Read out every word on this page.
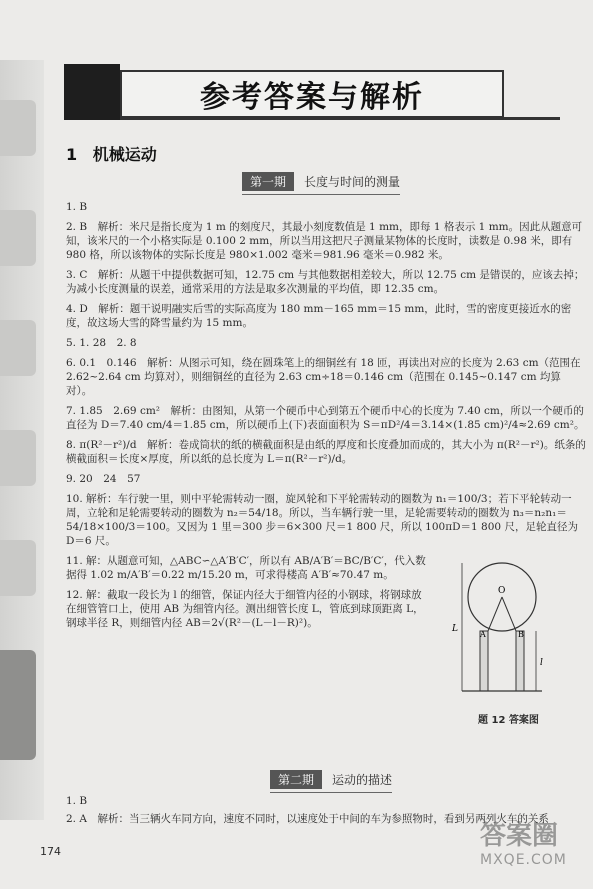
参考答案与解析
1 机械运动
第一期	长度与时间的测量

1. B

2. B　解析：米尺是指长度为 1 m 的刻度尺，其最小刻度数值是 1 mm，即每 1 格表示 1 mm。因此从题意可知，该米尺的一个小格实际是 0.100 2 mm，所以当用这把尺子测量某物体的长度时，读数是 0.98 米，即有 980 格，所以该物体的实际长度是 980×1.002 毫米＝981.96 毫米＝0.982 米。

3. C　解析：从题干中提供数据可知，12.75 cm 与其他数据相差较大，所以 12.75 cm 是错误的，应该去掉；为减小长度测量的误差，通常采用的方法是取多次测量的平均值，即 12.35 cm。

4. D　解析：题干说明融实后雪的实际高度为 180 mm－165 mm＝15 mm，此时，雪的密度更接近水的密度，故这场大雪的降雪量约为 15 mm。

5. 1. 28　2. 8

6. 0.1　0.146　解析：从图示可知，绕在圆珠笔上的细铜丝有 18 匝，再读出对应的长度为 2.63 cm（范围在 2.62~2.64 cm 均算对），则细铜丝的直径为 2.63 cm÷18＝0.146 cm（范围在 0.145~0.147 cm 均算对）。

7. 1.85　2.69 cm²　解析：由图知，从第一个硬币中心到第五个硬币中心的长度为 7.40 cm，所以一个硬币的直径为 D＝7.40 cm/4＝1.85 cm，所以硬币上(下)表面面积为 S＝πD²/4＝3.14×(1.85 cm)²/4≈2.69 cm²。

8. π(R²－r²)/d　解析：卷成筒状的纸的横截面积是由纸的厚度和长度叠加而成的，其大小为 π(R²－r²)。纸条的横截面积＝长度×厚度，所以纸的总长度为 L＝π(R²－r²)/d。

9. 20　24　57

10. 解析：车行驶一里，则中平轮需转动一圈，旋风轮和下平轮需转动的圈数为 n₁＝100/3；若下平轮转动一周，立轮和足轮需要转动的圈数为 n₂＝54/18。所以，当车辆行驶一里，足轮需要转动的圈数为 n₃＝n₂n₁＝54/18×100/3＝100。又因为 1 里＝300 步＝6×300 尺＝1 800 尺，所以 100πD＝1 800 尺，足轮直径为 D＝6 尺。

11. 解：从题意可知，△ABC∽△A′B′C′，所以有 AB/A′B′＝BC/B′C′，代入数据得 1.02 m/A′B′＝0.22 m/15.20 m，可求得楼高 A′B′≈70.47 m。

12. 解：截取一段长为 l 的细管，保证内径大于细管内径的小钢球，将钢球放在细管管口上，使用 AB 为细管内径。测出细管长度 L，管底到球顶距离 L，钢球半径 R，则细管内径 AB＝2√(R²－(L－l－R)²)。

O
A	B
L
l
题 12 答案图
第二期	运动的描述

1. B

2. A　解析：当三辆火车同方向，速度不同时，以速度处于中间的车为参照物时，看到另两列火车的关系

174
答案圈
MXQE.COM
